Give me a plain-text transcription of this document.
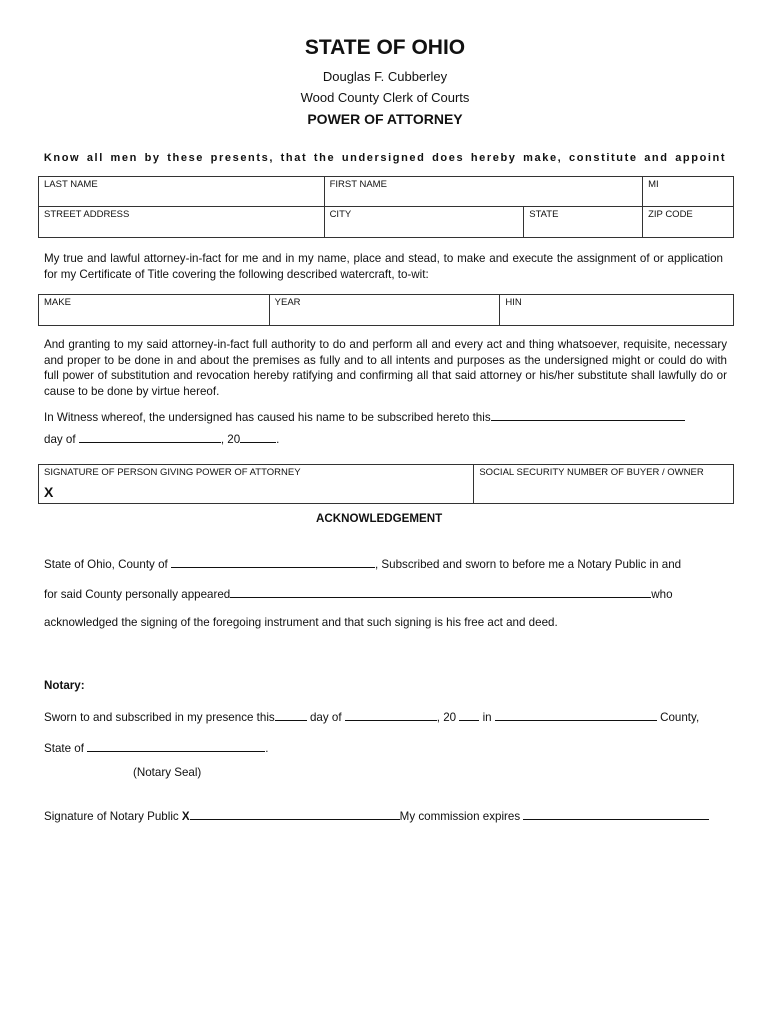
STATE OF OHIO
Douglas F. Cubberley
Wood County Clerk of Courts
POWER OF ATTORNEY
Know all men by these presents, that the undersigned does hereby make, constitute and appoint
LAST NAME	FIRST NAME		MI
STREET ADDRESS	CITY	STATE	ZIP CODE
My true and lawful attorney-in-fact for me and in my name, place and stead, to make and execute the assignment of or application for my Certificate of Title covering the following described watercraft, to-wit:
MAKE	YEAR	HIN
And granting to my said attorney-in-fact full authority to do and perform all and every act and thing whatsoever, requisite, necessary and proper to be done in and about the premises as fully and to all intents and purposes as the undersigned might or could do with full power of substitution and revocation hereby ratifying and confirming all that said attorney or his/her substitute shall lawfully do or cause to be done by virtue hereof.
In Witness whereof, the undersigned has caused his name to be subscribed hereto this
day of	, 20	.
SIGNATURE OF PERSON GIVING POWER OF ATTORNEY
X
	SOCIAL SECURITY NUMBER OF BUYER / OWNER
ACKNOWLEDGEMENT
State of Ohio, County of	, Subscribed and sworn to before me a Notary Public in and
for said County personally appeared	who
acknowledged the signing of the foregoing instrument and that such signing is his free act and deed.
Notary:
Sworn to and subscribed in my presence this	day of	, 20 in	County,
State of	.
(Notary Seal)
Signature of Notary Public X	My commission expires
